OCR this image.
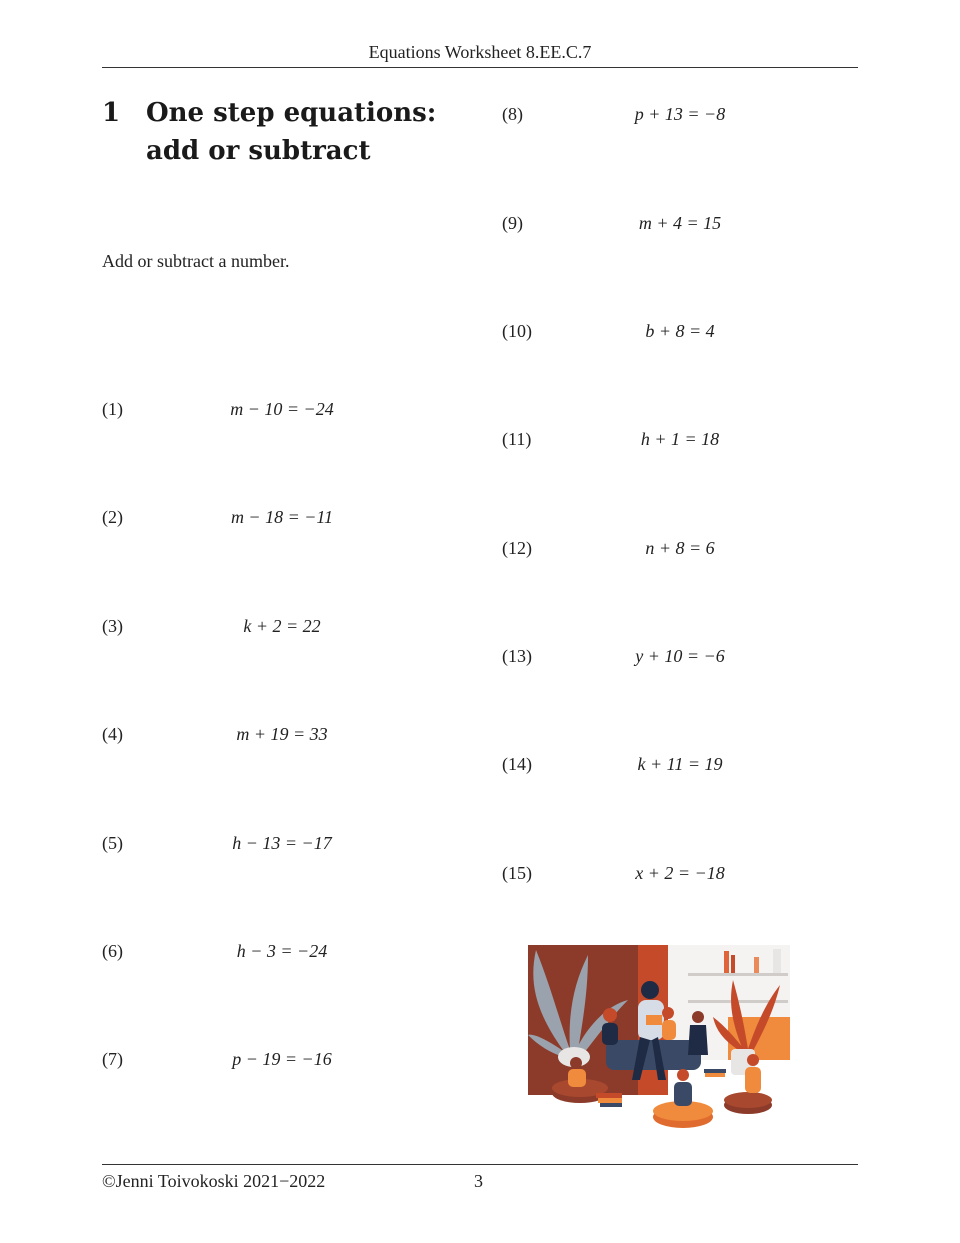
Equations Worksheet 8.EE.C.7
1 One step equations: add or subtract
Add or subtract a number.
(1)	m − 10 = −24
(2)	m − 18 = −11
(3)	k + 2 = 22
(4)	m + 19 = 33
(5)	h − 13 = −17
(6)	h − 3 = −24
(7)	p − 19 = −16
(8)	p + 13 = −8
(9)	m + 4 = 15
(10)	b + 8 = 4
(11)	h + 1 = 18
(12)	n + 8 = 6
(13)	y + 10 = −6
(14)	k + 11 = 19
(15)	x + 2 = −18
©Jenni Toivokoski 2021−2022	3
